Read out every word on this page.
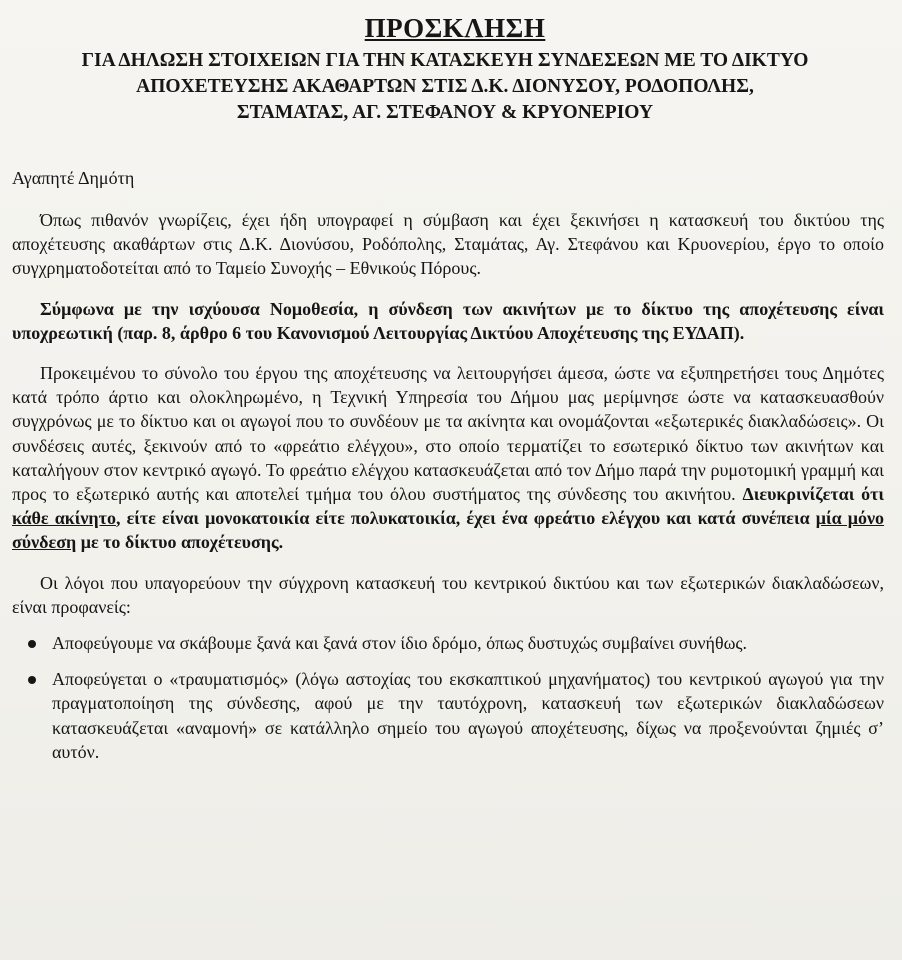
ΠΡΟΣΚΛΗΣΗ

ΓΙΑ ΔΗΛΩΣΗ ΣΤΟΙΧΕΙΩΝ ΓΙΑ ΤΗΝ ΚΑΤΑΣΚΕΥΗ ΣΥΝΔΕΣΕΩΝ ΜΕ ΤΟ ΔΙΚΤΥΟ

ΑΠΟΧΕΤΕΥΣΗΣ ΑΚΑΘΑΡΤΩΝ ΣΤΙΣ Δ.Κ. ΔΙΟΝΥΣΟΥ, ΡΟΔΟΠΟΛΗΣ,

ΣΤΑΜΑΤΑΣ, ΑΓ. ΣΤΕΦΑΝΟΥ & ΚΡΥΟΝΕΡΙΟΥ

Αγαπητέ Δημότη

Όπως πιθανόν γνωρίζεις, έχει ήδη υπογραφεί η σύμβαση και έχει ξεκινήσει η κατασκευή του δικτύου της αποχέτευσης ακαθάρτων στις Δ.Κ. Διονύσου, Ροδόπολης, Σταμάτας, Αγ. Στεφάνου και Κρυονερίου, έργο το οποίο συγχρηματοδοτείται από το Ταμείο Συνοχής – Εθνικούς Πόρους.

Σύμφωνα με την ισχύουσα Νομοθεσία, η σύνδεση των ακινήτων με το δίκτυο της αποχέτευσης είναι υποχρεωτική (παρ. 8, άρθρο 6 του Κανονισμού Λειτουργίας Δικτύου Αποχέτευσης της ΕΥΔΑΠ).

Προκειμένου το σύνολο του έργου της αποχέτευσης να λειτουργήσει άμεσα, ώστε να εξυπηρετήσει τους Δημότες κατά τρόπο άρτιο και ολοκληρωμένο, η Τεχνική Υπηρεσία του Δήμου μας μερίμνησε ώστε να κατασκευασθούν συγχρόνως με το δίκτυο και οι αγωγοί που το συνδέουν με τα ακίνητα και ονομάζονται «εξωτερικές διακλαδώσεις». Οι συνδέσεις αυτές, ξεκινούν από το «φρεάτιο ελέγχου», στο οποίο τερματίζει το εσωτερικό δίκτυο των ακινήτων και καταλήγουν στον κεντρικό αγωγό. Το φρεάτιο ελέγχου κατασκευάζεται από τον Δήμο παρά την ρυμοτομική γραμμή και προς το εξωτερικό αυτής και αποτελεί τμήμα του όλου συστήματος της σύνδεσης του ακινήτου. Διευκρινίζεται ότι κάθε ακίνητο, είτε είναι μονοκατοικία είτε πολυκατοικία, έχει ένα φρεάτιο ελέγχου και κατά συνέπεια μία μόνο σύνδεση με το δίκτυο αποχέτευσης.

Οι λόγοι που υπαγορεύουν την σύγχρονη κατασκευή του κεντρικού δικτύου και των εξωτερικών διακλαδώσεων, είναι προφανείς:

Αποφεύγουμε να σκάβουμε ξανά και ξανά στον ίδιο δρόμο, όπως δυστυχώς συμβαίνει συνήθως.
Αποφεύγεται ο «τραυματισμός» (λόγω αστοχίας του εκσκαπτικού μηχανήματος) του κεντρικού αγωγού για την πραγματοποίηση της σύνδεσης, αφού με την ταυτόχρονη, κατασκευή των εξωτερικών διακλαδώσεων κατασκευάζεται «αναμονή» σε κατάλληλο σημείο του αγωγού αποχέτευσης, δίχως να προξενούνται ζημιές σ’ αυτόν.
